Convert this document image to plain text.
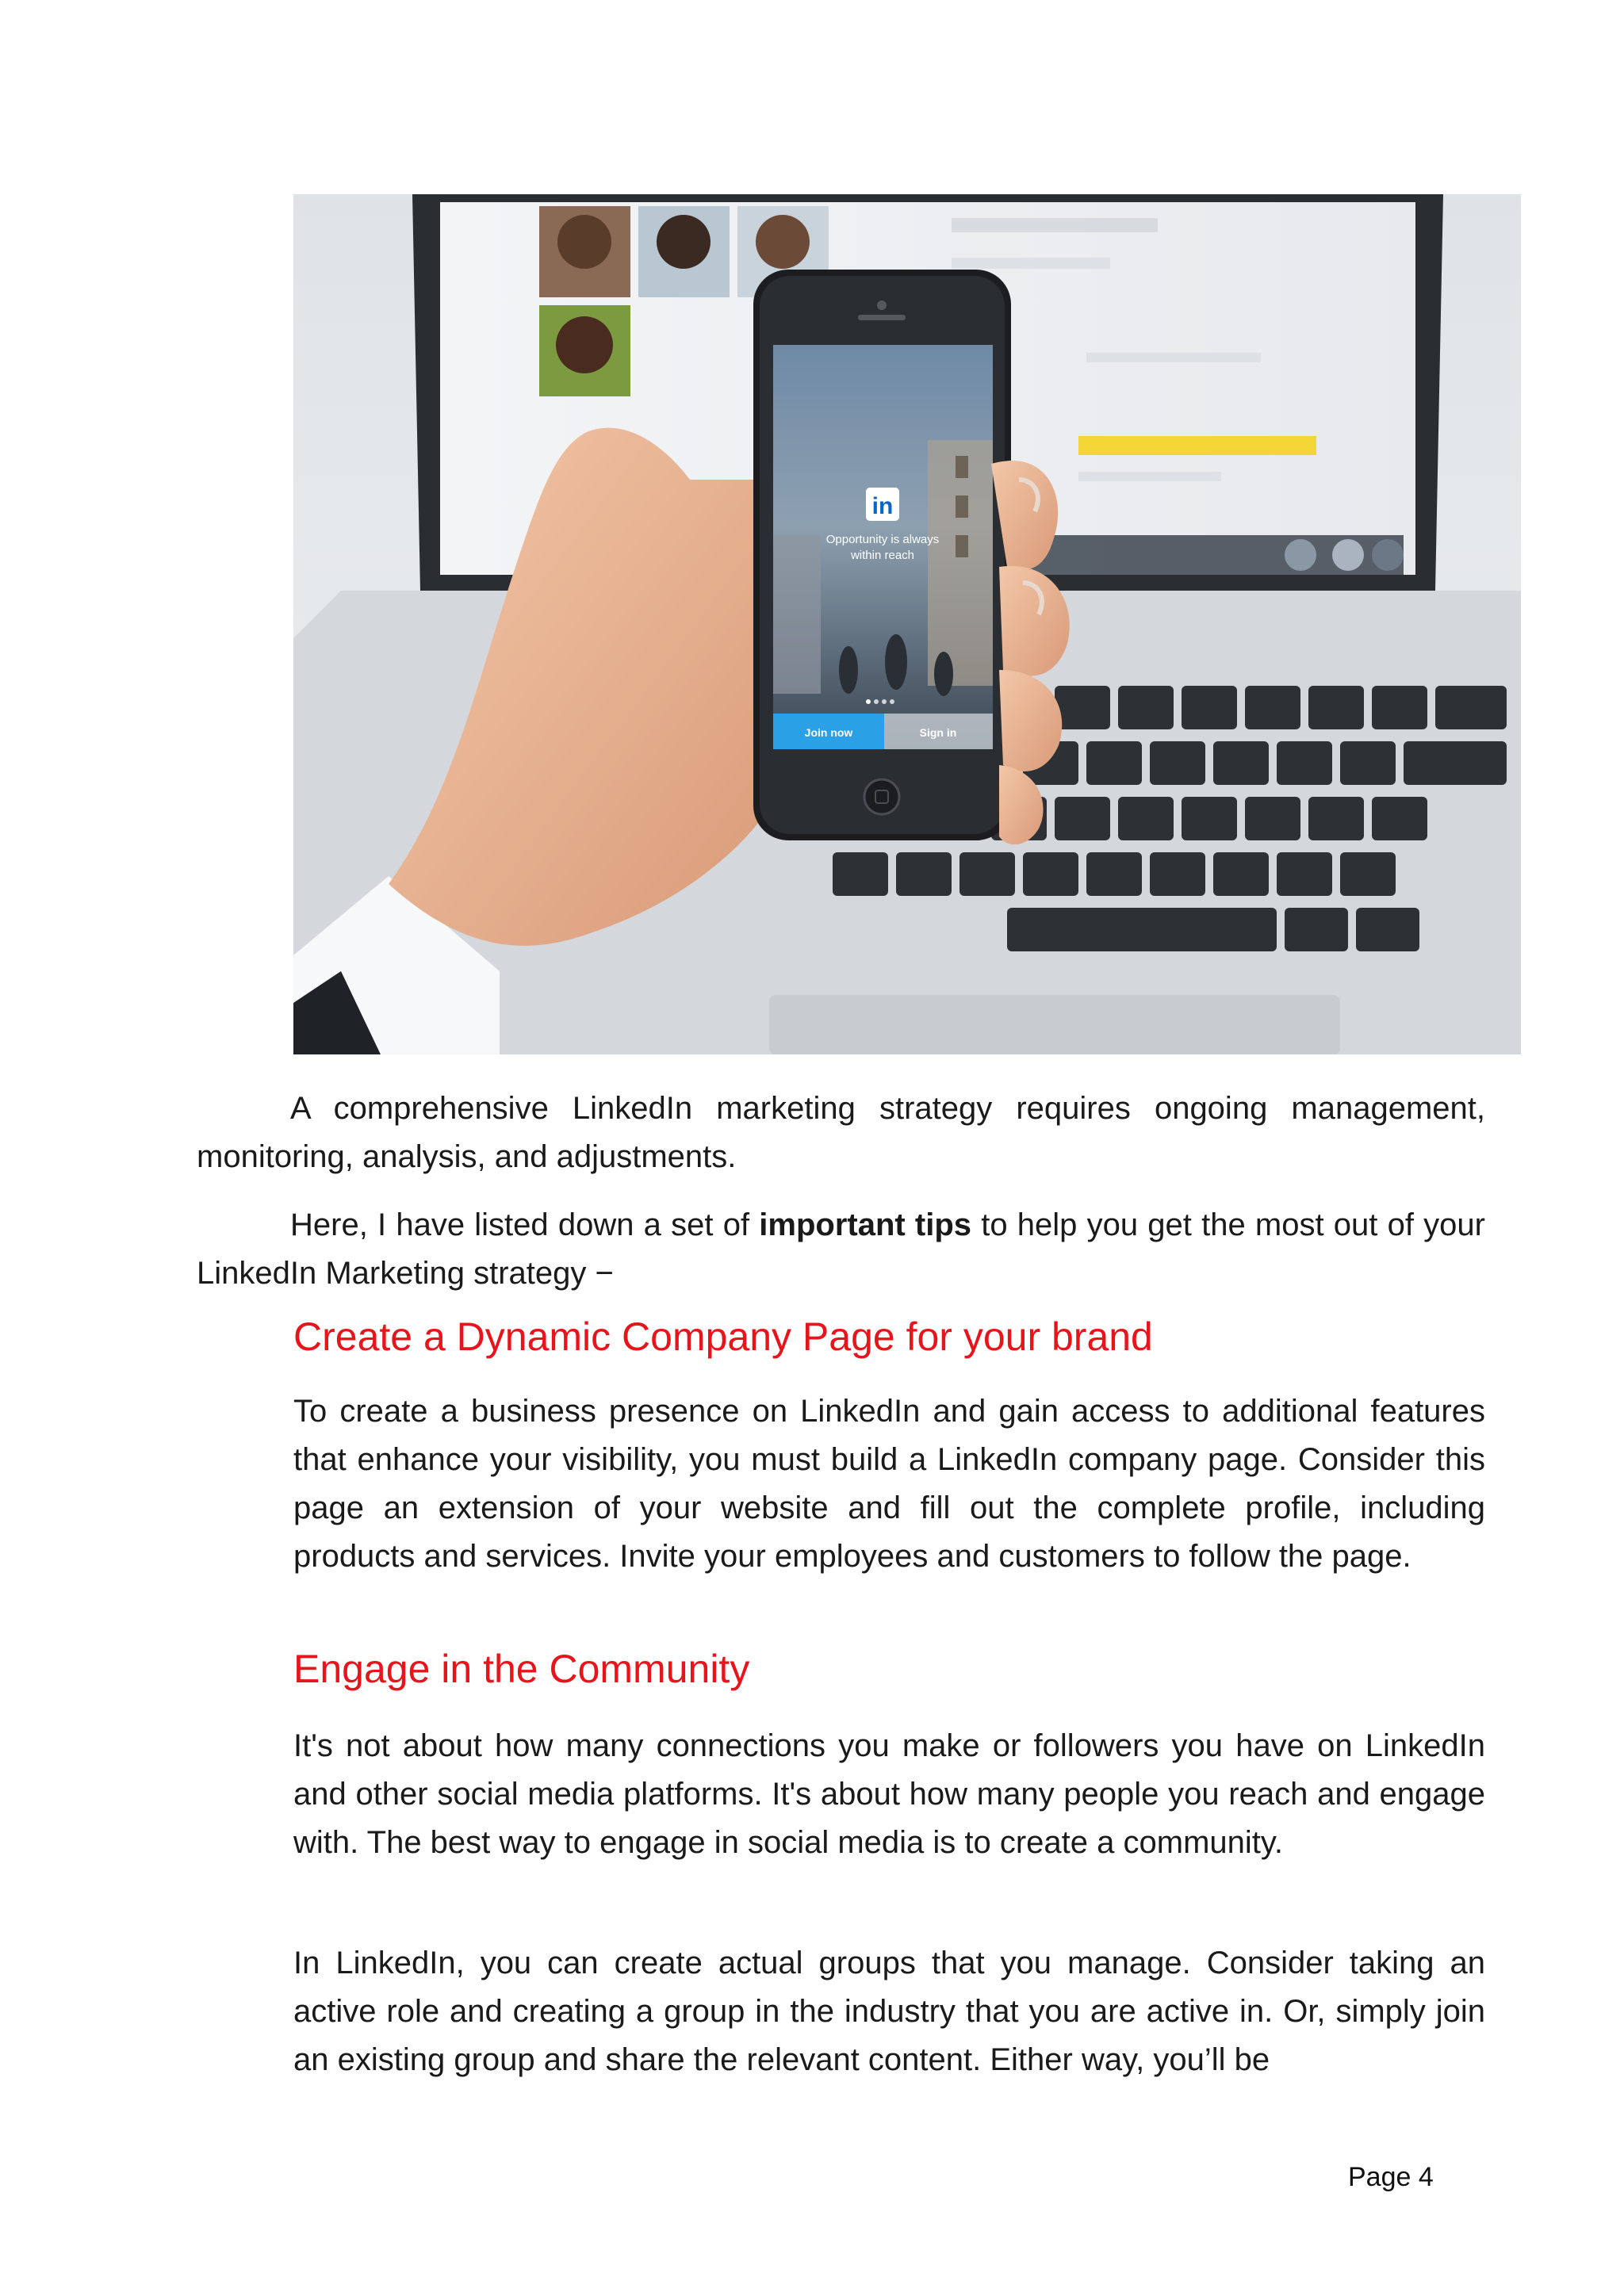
in
Opportunity is always
within reach
Join now	Sign in

A comprehensive LinkedIn marketing strategy requires ongoing management, monitoring, analysis, and adjustments.

Here, I have listed down a set of important tips to help you get the most out of your LinkedIn Marketing strategy −

Create a Dynamic Company Page for your brand

To create a business presence on LinkedIn and gain access to additional features that enhance your visibility, you must build a LinkedIn company page. Consider this page an extension of your website and fill out the complete profile, including products and services. Invite your employees and customers to follow the page.

Engage in the Community

It's not about how many connections you make or followers you have on LinkedIn and other social media platforms. It's about how many people you reach and engage with. The best way to engage in social media is to create a community.

In LinkedIn, you can create actual groups that you manage. Consider taking an active role and creating a group in the industry that you are active in. Or, simply join an existing group and share the relevant content. Either way, you’ll be

Page 4
